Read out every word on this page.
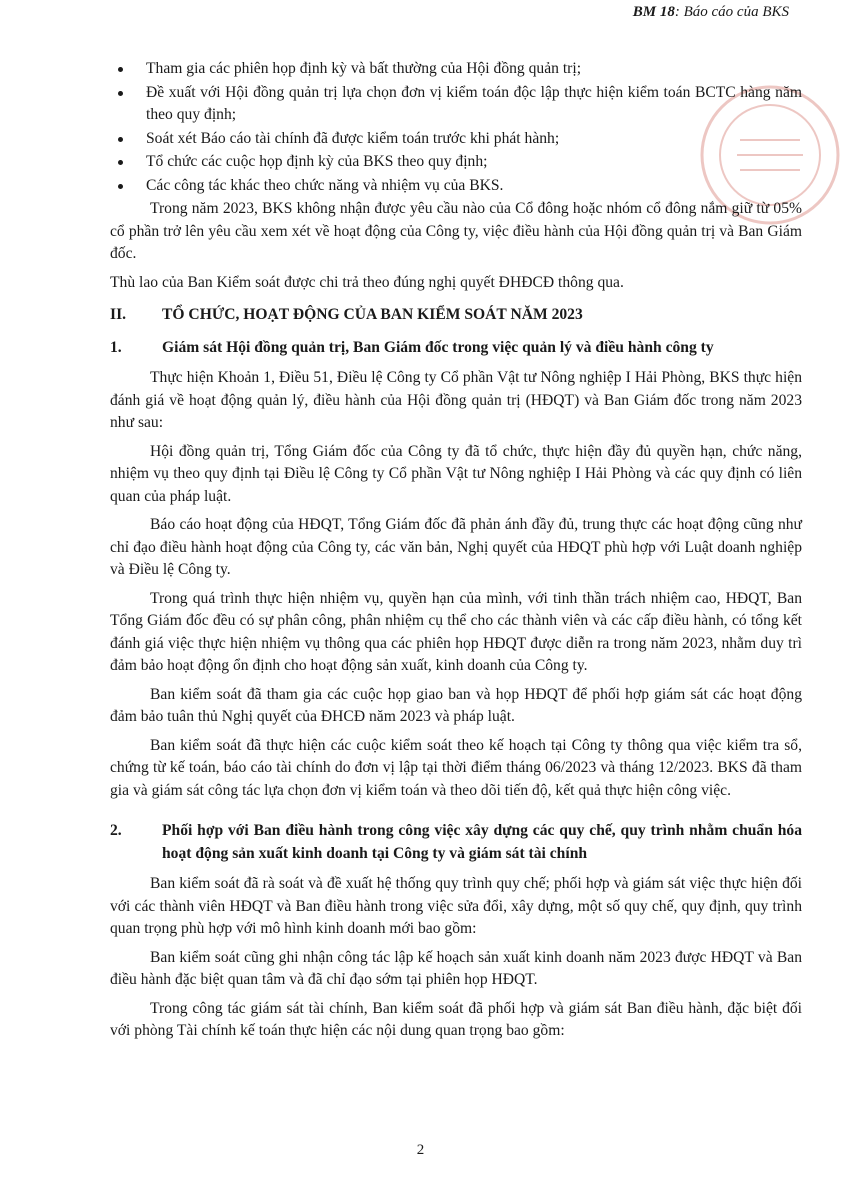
BM 18: Báo cáo của BKS
Tham gia các phiên họp định kỳ và bất thường của Hội đồng quản trị;
Đề xuất với Hội đồng quản trị lựa chọn đơn vị kiểm toán độc lập thực hiện kiểm toán BCTC hàng năm theo quy định;
Soát xét Báo cáo tài chính đã được kiểm toán trước khi phát hành;
Tổ chức các cuộc họp định kỳ của BKS theo quy định;
Các công tác khác theo chức năng và nhiệm vụ của BKS.

Trong năm 2023, BKS không nhận được yêu cầu nào của Cổ đông hoặc nhóm cổ đông nắm giữ từ 05% cổ phần trở lên yêu cầu xem xét về hoạt động của Công ty, việc điều hành của Hội đồng quản trị và Ban Giám đốc.

Thù lao của Ban Kiểm soát được chi trả theo đúng nghị quyết ĐHĐCĐ thông qua.

II.	TỔ CHỨC, HOẠT ĐỘNG CỦA BAN KIỂM SOÁT NĂM 2023
1.	Giám sát Hội đồng quản trị, Ban Giám đốc trong việc quản lý và điều hành công ty

Thực hiện Khoản 1, Điều 51, Điều lệ Công ty Cổ phần Vật tư Nông nghiệp I Hải Phòng, BKS thực hiện đánh giá về hoạt động quản lý, điều hành của Hội đồng quản trị (HĐQT) và Ban Giám đốc trong năm 2023 như sau:

Hội đồng quản trị, Tổng Giám đốc của Công ty đã tổ chức, thực hiện đầy đủ quyền hạn, chức năng, nhiệm vụ theo quy định tại Điều lệ Công ty Cổ phần Vật tư Nông nghiệp I Hải Phòng và các quy định có liên quan của pháp luật.

Báo cáo hoạt động của HĐQT, Tổng Giám đốc đã phản ánh đầy đủ, trung thực các hoạt động cũng như chỉ đạo điều hành hoạt động của Công ty, các văn bản, Nghị quyết của HĐQT phù hợp với Luật doanh nghiệp và Điều lệ Công ty.

Trong quá trình thực hiện nhiệm vụ, quyền hạn của mình, với tinh thần trách nhiệm cao, HĐQT, Ban Tổng Giám đốc đều có sự phân công, phân nhiệm cụ thể cho các thành viên và các cấp điều hành, có tổng kết đánh giá việc thực hiện nhiệm vụ thông qua các phiên họp HĐQT được diễn ra trong năm 2023, nhằm duy trì đảm bảo hoạt động ổn định cho hoạt động sản xuất, kinh doanh của Công ty.

Ban kiểm soát đã tham gia các cuộc họp giao ban và họp HĐQT để phối hợp giám sát các hoạt động đảm bảo tuân thủ Nghị quyết của ĐHCĐ năm 2023 và pháp luật.

Ban kiểm soát đã thực hiện các cuộc kiểm soát theo kế hoạch tại Công ty thông qua việc kiểm tra sổ, chứng từ kế toán, báo cáo tài chính do đơn vị lập tại thời điểm tháng 06/2023 và tháng 12/2023. BKS đã tham gia và giám sát công tác lựa chọn đơn vị kiểm toán và theo dõi tiến độ, kết quả thực hiện công việc.

2.	Phối hợp với Ban điều hành trong công việc xây dựng các quy chế, quy trình nhằm chuẩn hóa hoạt động sản xuất kinh doanh tại Công ty và giám sát tài chính

Ban kiểm soát đã rà soát và đề xuất hệ thống quy trình quy chế; phối hợp và giám sát việc thực hiện đối với các thành viên HĐQT và Ban điều hành trong việc sửa đổi, xây dựng, một số quy chế, quy định, quy trình quan trọng phù hợp với mô hình kinh doanh mới bao gồm:

Ban kiểm soát cũng ghi nhận công tác lập kế hoạch sản xuất kinh doanh năm 2023 được HĐQT và Ban điều hành đặc biệt quan tâm và đã chỉ đạo sớm tại phiên họp HĐQT.

Trong công tác giám sát tài chính, Ban kiểm soát đã phối hợp và giám sát Ban điều hành, đặc biệt đối với phòng Tài chính kế toán thực hiện các nội dung quan trọng bao gồm:

2
